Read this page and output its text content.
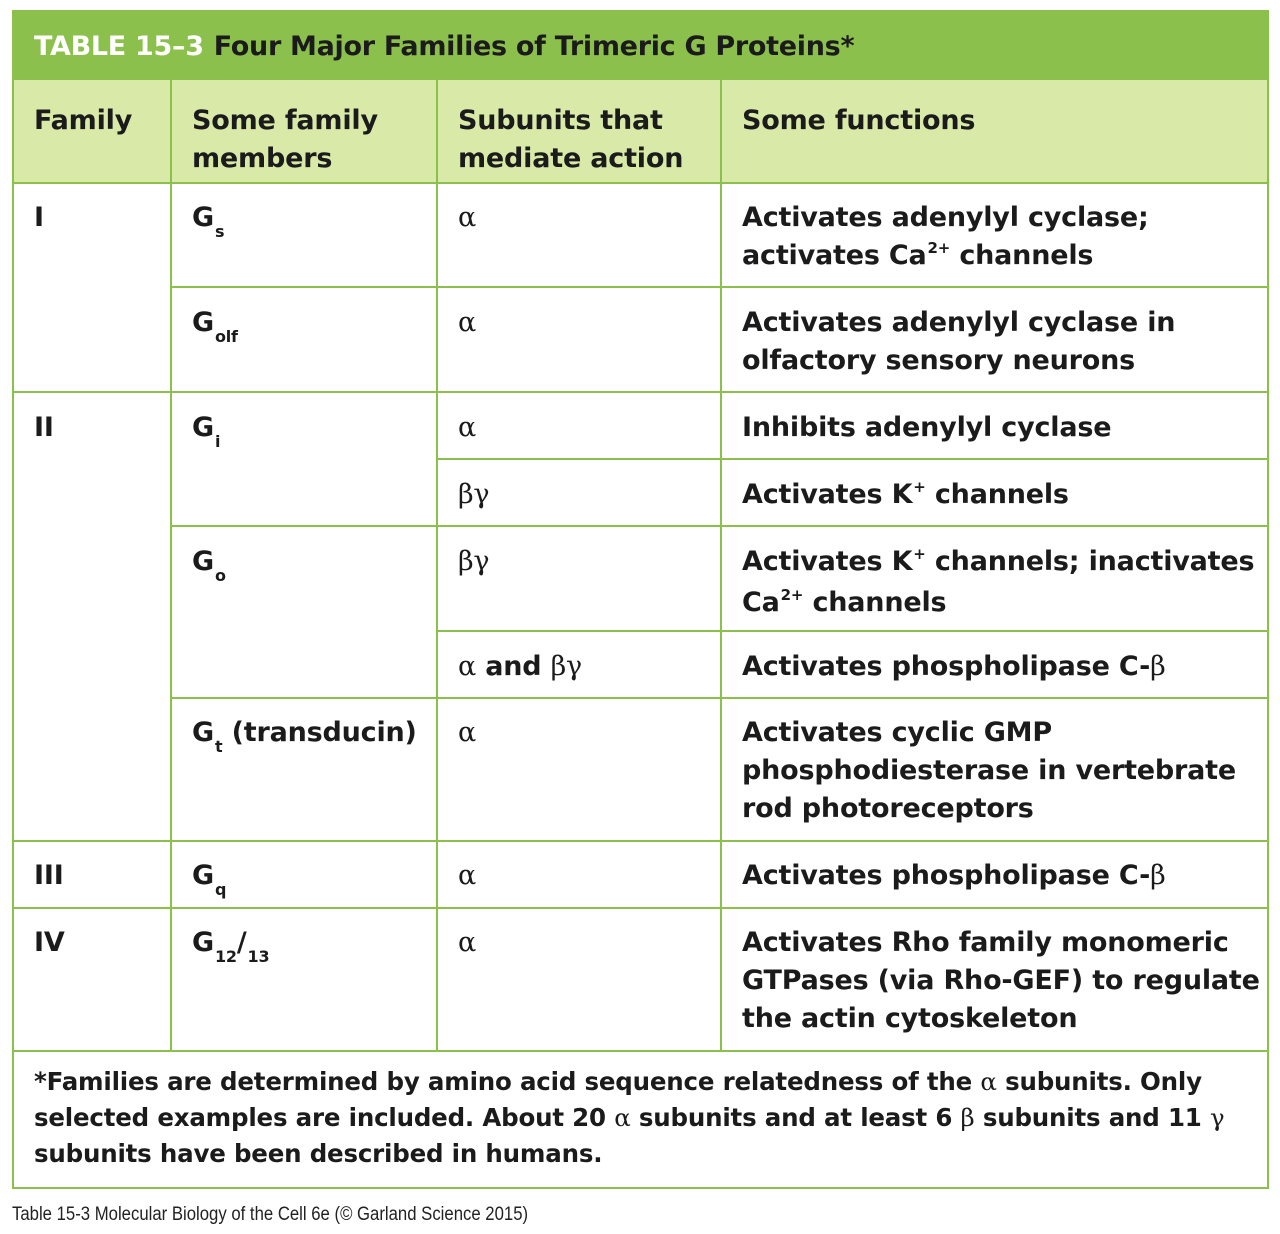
TABLE 15–3 Four Major Families of Trimeric G Proteins*
Family Some family
members
Subunits that
mediate action
Some functions
I
II
III
IV
$G_s$
$G_{olf}$
$G_i$
$G_o$
$G_t$ (transducin)
$G_q$
$G_{12}/_{13}$
α
α
α
βγ
βγ
α and βγ
α
α
α
Activates adenylyl cyclase;
activates $Ca^{2+}$ channels
Activates adenylyl cyclase in
olfactory sensory neurons
Inhibits adenylyl cyclase
Activates K+ channels
Activates K+ channels; inactivates
$Ca^{2+}$ channels
Activates phospholipase C-β
Activates cyclic GMP
phosphodiesterase in vertebrate
rod photoreceptors
Activates phospholipase C-β
Activates Rho family monomeric
GTPases (via Rho-GEF) to regulate
the actin cytoskeleton
*Families are determined by amino acid sequence relatedness of the α subunits. Only selected examples are included. About 20 α subunits and at least 6 β subunits and 11 γ subunits have been described in humans.
Table 15-3 Molecular Biology of the Cell 6e (© Garland Science 2015)
